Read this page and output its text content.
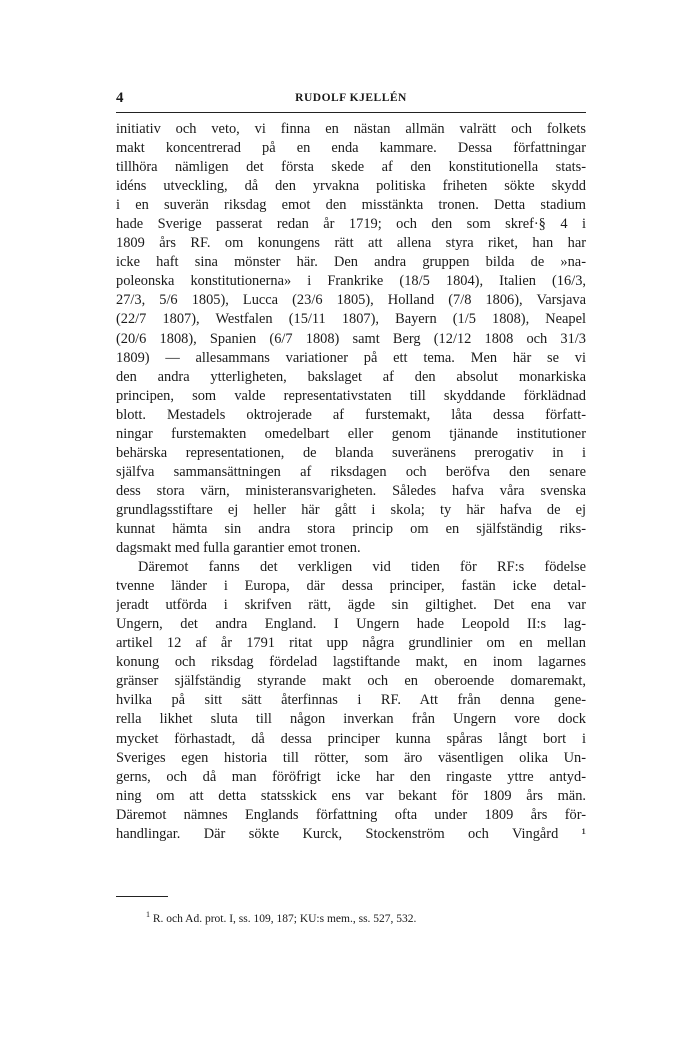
4	RUDOLF KJELLÉN
initiativ och veto, vi finna en nästan allmän valrätt och folkets
makt koncentrerad på en enda kammare. Dessa författningar
tillhöra nämligen det första skede af den konstitutionella stats-
idéns utveckling, då den yrvakna politiska friheten sökte skydd
i en suverän riksdag emot den misstänkta tronen. Detta stadium
hade Sverige passerat redan år 1719; och den som skref·§ 4 i
1809 års RF. om konungens rätt att allena styra riket, han har
icke haft sina mönster här. Den andra gruppen bilda de »na-
poleonska konstitutionerna» i Frankrike (18/5 1804), Italien (16/3,
27/3, 5/6 1805), Lucca (23/6 1805), Holland (7/8 1806), Varsjava
(22/7 1807), Westfalen (15/11 1807), Bayern (1/5 1808), Neapel
(20/6 1808), Spanien (6/7 1808) samt Berg (12/12 1808 och 31/3
1809) — allesammans variationer på ett tema. Men här se vi
den andra ytterligheten, bakslaget af den absolut monarkiska
principen, som valde representativstaten till skyddande förklädnad
blott. Mestadels oktrojerade af furstemakt, låta dessa författ-
ningar furstemakten omedelbart eller genom tjänande institutioner
behärska representationen, de blanda suveränens prerogativ in i
själfva sammansättningen af riksdagen och beröfva den senare
dess stora värn, ministeransvarigheten. Således hafva våra svenska
grundlagsstiftare ej heller här gått i skola; ty här hafva de ej
kunnat hämta sin andra stora princip om en själfständig riks-
dagsmakt med fulla garantier emot tronen.
Däremot fanns det verkligen vid tiden för RF:s födelse
tvenne länder i Europa, där dessa principer, fastän icke detal-
jeradt utförda i skrifven rätt, ägde sin giltighet. Det ena var
Ungern, det andra England. I Ungern hade Leopold II:s lag-
artikel 12 af år 1791 ritat upp några grundlinier om en mellan
konung och riksdag fördelad lagstiftande makt, en inom lagarnes
gränser själfständig styrande makt och en oberoende domaremakt,
hvilka på sitt sätt återfinnas i RF. Att från denna gene-
rella likhet sluta till någon inverkan från Ungern vore dock
mycket förhastadt, då dessa principer kunna spåras långt bort i
Sveriges egen historia till rötter, som äro väsentligen olika Un-
gerns, och då man föröfrigt icke har den ringaste yttre antyd-
ning om att detta statsskick ens var bekant för 1809 års män.
Däremot nämnes Englands författning ofta under 1809 års för-
handlingar. Där sökte Kurck, Stockenström och Vingård ¹
$^1$ R. och Ad. prot. I, ss. 109, 187; KU:s mem., ss. 527, 532.
